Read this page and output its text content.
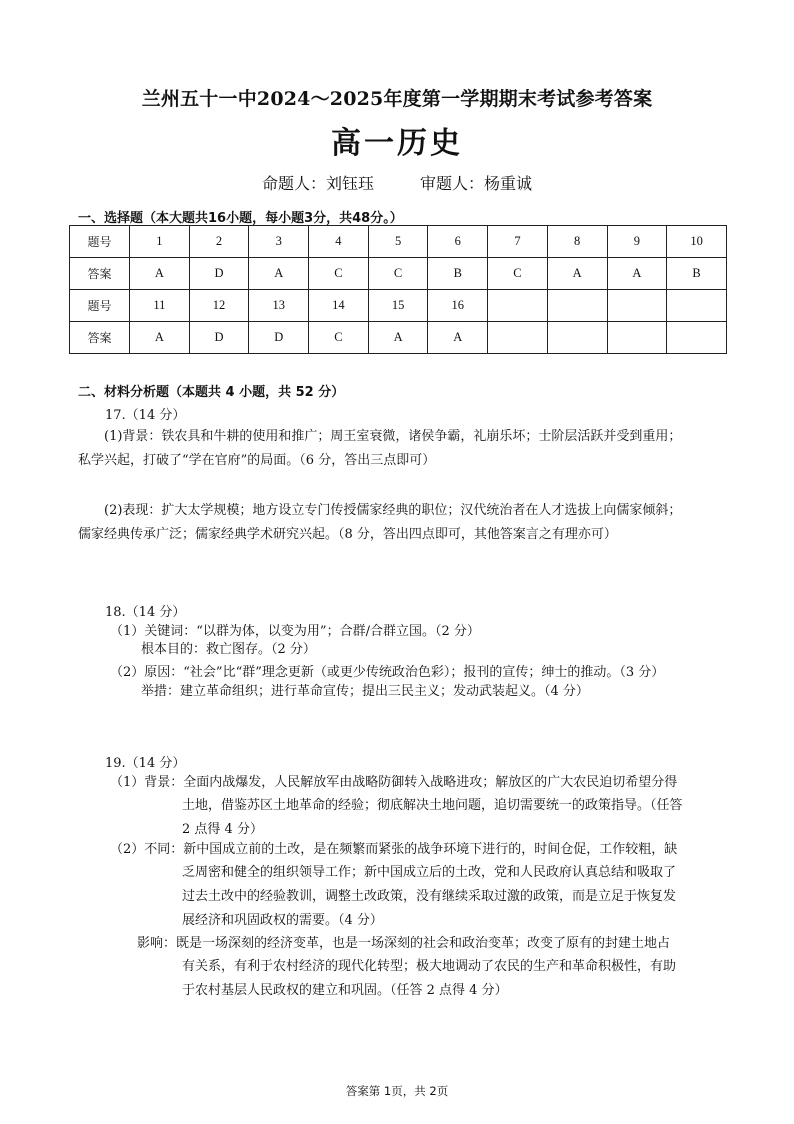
兰州五十一中2024～2025年度第一学期期末考试参考答案
高一历史
命题人：刘钰珏	审题人：杨重诚
一、选择题（本大题共16小题，每小题3分，共48分。）
题号	1	2	3	4	5	6	7	8	9	10
答案	A	D	A	C	C	B	C	A	A	B
题号	11	12	13	14	15	16				
答案	A	D	D	C	A	A				
二、材料分析题（本题共 4 小题，共 52 分）
17.（14 分）
(1)背景：铁农具和牛耕的使用和推广；周王室衰微，诸侯争霸，礼崩乐坏；士阶层活跃并受到重用；
私学兴起，打破了“学在官府”的局面。（6 分，答出三点即可）
(2)表现：扩大太学规模；地方设立专门传授儒家经典的职位；汉代统治者在人才选拔上向儒家倾斜；
儒家经典传承广泛；儒家经典学术研究兴起。（8 分，答出四点即可，其他答案言之有理亦可）
18.（14 分）
（1）关键词：“以群为体，以变为用”；合群/合群立国。（2 分）
根本目的：救亡图存。（2 分）
（2）原因：“社会”比“群”理念更新（或更少传统政治色彩）；报刊的宣传；绅士的推动。（3 分）
举措：建立革命组织；进行革命宣传；提出三民主义；发动武装起义。（4 分）
19.（14 分）
（1）背景：全面内战爆发，人民解放军由战略防御转入战略进攻；解放区的广大农民迫切希望分得
土地，借鉴苏区土地革命的经验；彻底解决土地问题，追切需要统一的政策指导。（任答
2 点得 4 分）
（2）不同：新中国成立前的土改，是在频繁而紧张的战争环境下进行的，时间仓促，工作较粗，缺
乏周密和健全的组织领导工作；新中国成立后的土改，党和人民政府认真总结和吸取了
过去土改中的经验教训，调整土改政策，没有继续采取过激的政策，而是立足于恢复发
展经济和巩固政权的需要。（4 分）
影响：既是一场深刻的经济变革，也是一场深刻的社会和政治变革；改变了原有的封建土地占
有关系，有利于农村经济的现代化转型；极大地调动了农民的生产和革命积极性，有助
于农村基层人民政权的建立和巩固。（任答 2 点得 4 分）
答案第 1页，共 2页
